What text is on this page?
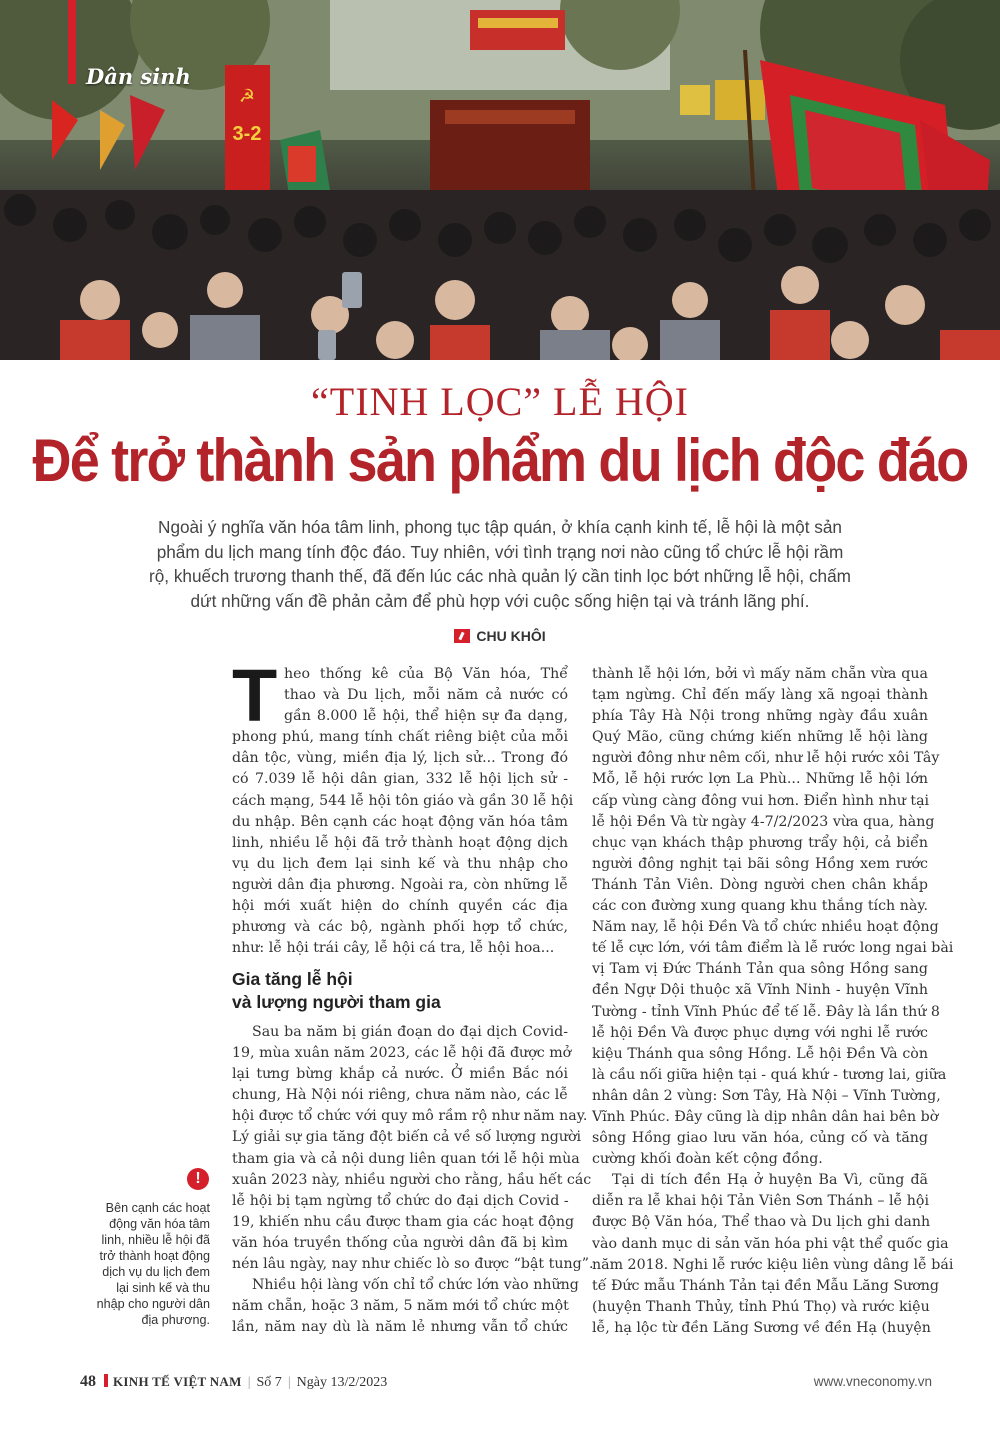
3-2
☭
Dân sinh
“TINH LỌC” LỄ HỘI
Để trở thành sản phẩm du lịch độc đáo
Ngoài ý nghĩa văn hóa tâm linh, phong tục tập quán, ở khía cạnh kinh tế, lễ hội là một sản
phẩm du lịch mang tính độc đáo. Tuy nhiên, với tình trạng nơi nào cũng tổ chức lễ hội rầm
rộ, khuếch trương thanh thế, đã đến lúc các nhà quản lý cần tinh lọc bớt những lễ hội, chấm
dứt những vấn đề phản cảm để phù hợp với cuộc sống hiện tại và tránh lãng phí.
CHU KHÔI
T heo thống kê của Bộ Văn hóa, Thể
thao và Du lịch, mỗi năm cả nước có
gần 8.000 lễ hội, thể hiện sự đa dạng,
phong phú, mang tính chất riêng biệt của mỗi
dân tộc, vùng, miền địa lý, lịch sử... Trong đó
có 7.039 lễ hội dân gian, 332 lễ hội lịch sử -
cách mạng, 544 lễ hội tôn giáo và gần 30 lễ hội
du nhập. Bên cạnh các hoạt động văn hóa tâm
linh, nhiều lễ hội đã trở thành hoạt động dịch
vụ du lịch đem lại sinh kế và thu nhập cho
người dân địa phương. Ngoài ra, còn những lễ
hội mới xuất hiện do chính quyền các địa
phương và các bộ, ngành phối hợp tổ chức,
như: lễ hội trái cây, lễ hội cá tra, lễ hội hoa...
Gia tăng lễ hội
và lượng người tham gia
Sau ba năm bị gián đoạn do đại dịch Covid-
19, mùa xuân năm 2023, các lễ hội đã được mở
lại tưng bừng khắp cả nước. Ở miền Bắc nói
chung, Hà Nội nói riêng, chưa năm nào, các lễ
hội được tổ chức với quy mô rầm rộ như năm nay.
Lý giải sự gia tăng đột biến cả về số lượng người
tham gia và cả nội dung liên quan tới lễ hội mùa
xuân 2023 này, nhiều người cho rằng, hầu hết các
lễ hội bị tạm ngừng tổ chức do đại dịch Covid -
19, khiến nhu cầu được tham gia các hoạt động
văn hóa truyền thống của người dân đã bị kìm
nén lâu ngày, nay như chiếc lò so được “bật tung”.
Nhiều hội làng vốn chỉ tổ chức lớn vào những
năm chẵn, hoặc 3 năm, 5 năm mới tổ chức một
lần, năm nay dù là năm lẻ nhưng vẫn tổ chức
thành lễ hội lớn, bởi vì mấy năm chẵn vừa qua
tạm ngừng. Chỉ đến mấy làng xã ngoại thành
phía Tây Hà Nội trong những ngày đầu xuân
Quý Mão, cũng chứng kiến những lễ hội làng
người đông như nêm cối, như lễ hội rước xôi Tây
Mỗ, lễ hội rước lợn La Phù... Những lễ hội lớn
cấp vùng càng đông vui hơn. Điển hình như tại
lễ hội Đền Và từ ngày 4-7/2/2023 vừa qua, hàng
chục vạn khách thập phương trẩy hội, cả biển
người đông nghịt tại bãi sông Hồng xem rước
Thánh Tản Viên. Dòng người chen chân khắp
các con đường xung quang khu thắng tích này.
Năm nay, lễ hội Đền Và tổ chức nhiều hoạt động
tế lễ cực lớn, với tâm điểm là lễ rước long ngai bài
vị Tam vị Đức Thánh Tản qua sông Hồng sang
đền Ngự Dội thuộc xã Vĩnh Ninh - huyện Vĩnh
Tường - tỉnh Vĩnh Phúc để tế lễ. Đây là lần thứ 8
lễ hội Đền Và được phục dựng với nghi lễ rước
kiệu Thánh qua sông Hồng. Lễ hội Đền Và còn
là cầu nối giữa hiện tại - quá khứ - tương lai, giữa
nhân dân 2 vùng: Sơn Tây, Hà Nội – Vĩnh Tường,
Vĩnh Phúc. Đây cũng là dịp nhân dân hai bên bờ
sông Hồng giao lưu văn hóa, củng cố và tăng
cường khối đoàn kết cộng đồng.
Tại di tích đền Hạ ở huyện Ba Vì, cũng đã
diễn ra lễ khai hội Tản Viên Sơn Thánh – lễ hội
được Bộ Văn hóa, Thể thao và Du lịch ghi danh
vào danh mục di sản văn hóa phi vật thể quốc gia
năm 2018. Nghi lễ rước kiệu liên vùng dâng lễ bái
tế Đức mẫu Thánh Tản tại đền Mẫu Lăng Sương
(huyện Thanh Thủy, tỉnh Phú Thọ) và rước kiệu
lễ, hạ lộc từ đền Lăng Sương về đền Hạ (huyện
!
Bên cạnh các hoạt
động văn hóa tâm
linh, nhiều lễ hội đã
trở thành hoạt động
dịch vụ du lịch đem
lại sinh kế và thu
nhập cho người dân
địa phương.
48 KINH TẾ VIỆT NAM | Số 7 | Ngày 13/2/2023	www.vneconomy.vn
